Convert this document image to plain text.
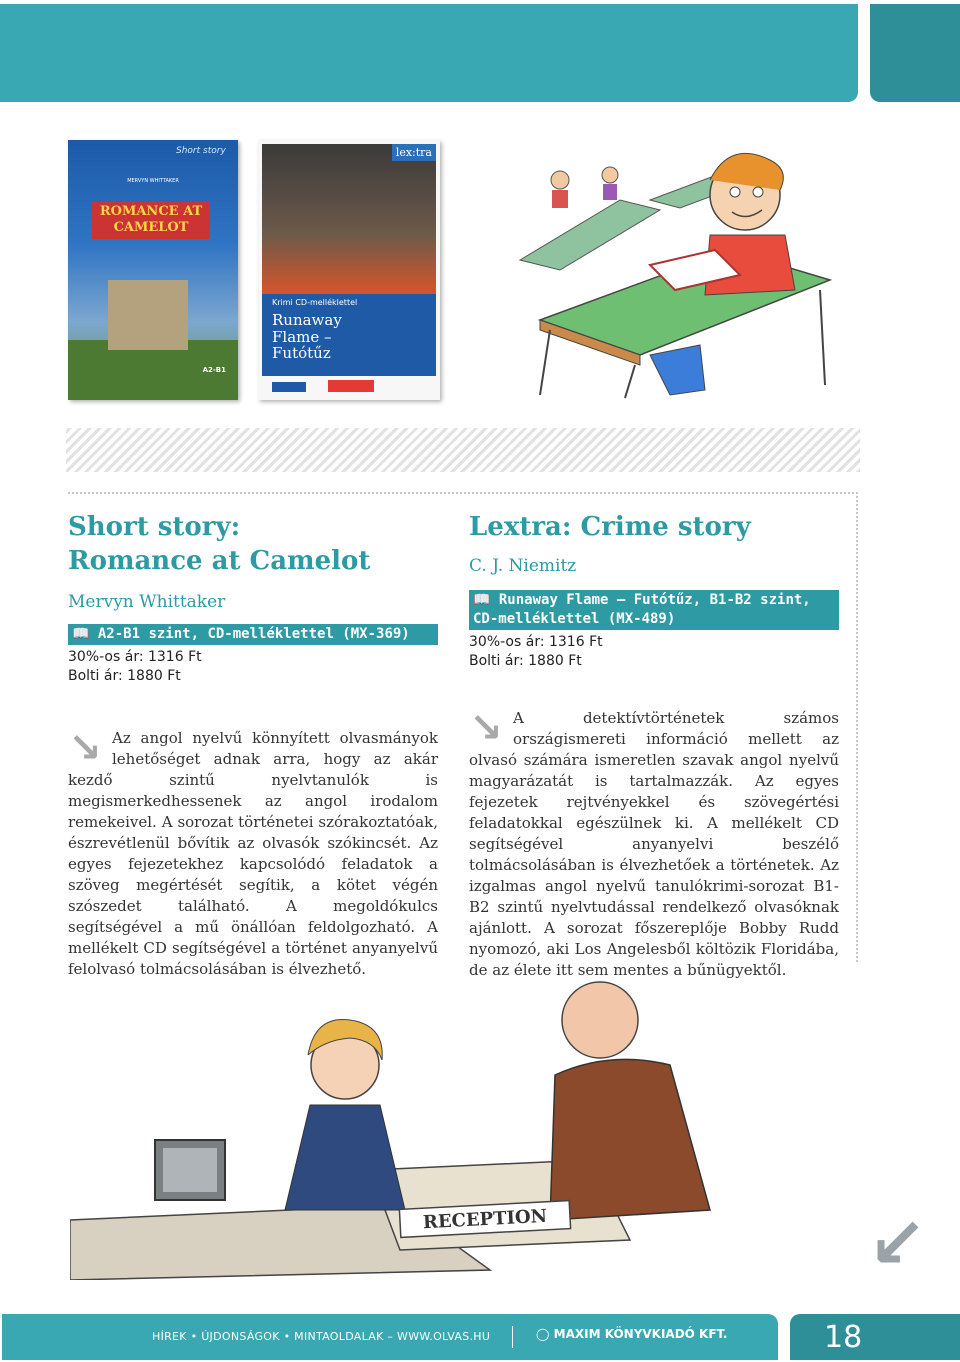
Short story
MERVYN WHITTAKER
ROMANCE AT CAMELOT
A2-B1
lex:tra
Krimi CD-melléklettel
Runaway Flame – Futótűz
Short story:
Romance at Camelot
Mervyn Whittaker
📖 A2-B1 szint, CD-melléklettel (MX-369)
30%-os ár: 1316 Ft
Bolti ár: 1880 Ft
↘ Az angol nyelvű könnyített olvasmányok lehetőséget adnak arra, hogy az akár kezdő szintű nyelvtanulók is megismerkedhessenek az angol irodalom remekeivel. A sorozat történetei szórakoztatóak, észrevétlenül bővítik az olvasók szókincsét. Az egyes fejezetekhez kapcsolódó feladatok a szöveg megértését segítik, a kötet végén szószedet található. A megoldókulcs segítségével a mű önállóan feldolgozható. A mellékelt CD segítségével a történet anyanyelvű felolvasó tolmácsolásában is élvezhető.
Lextra: Crime story
C. J. Niemitz
📖 Runaway Flame – Futótűz, B1-B2 szint, CD-melléklettel (MX-489)
30%-os ár: 1316 Ft
Bolti ár: 1880 Ft
↘ A detektívtörténetek számos országismereti információ mellett az olvasó számára ismeretlen szavak angol nyelvű magyarázatát is tartalmazzák. Az egyes fejezetek rejtvényekkel és szövegértési feladatokkal egészülnek ki. A mellékelt CD segítségével anyanyelvi beszélő tolmácsolásában is élvezhetőek a történetek. Az izgalmas angol nyelvű tanulókrimi-sorozat B1-B2 szintű nyelvtudással rendelkező olvasóknak ajánlott. A sorozat főszereplője Bobby Rudd nyomozó, aki Los Angelesből költözik Floridába, de az élete itt sem mentes a bűnügyektől.
RECEPTION	↙
HÍREK • ÚJDONSÁGOK • MINTAOLDALAK – WWW.OLVAS.HU	◯ MAXIM KÖNYVKIADÓ KFT.	18
